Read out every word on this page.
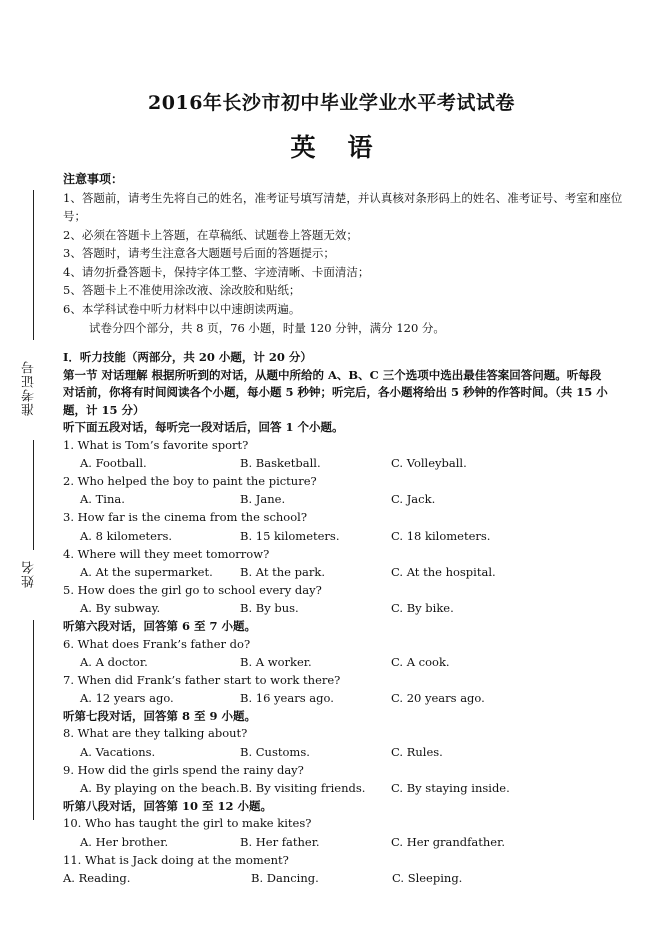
准考证号
姓名
2016年长沙市初中毕业学业水平考试试卷
英语
注意事项：
1、答题前，请考生先将自己的姓名，准考证号填写清楚，并认真核对条形码上的姓名、准考证号、考室和座位号；
2、必须在答题卡上答题，在草稿纸、试题卷上答题无效；
3、答题时，请考生注意各大题题号后面的答题提示；
4、请勿折叠答题卡，保持字体工整、字迹清晰、卡面清洁；
5、答题卡上不准使用涂改液、涂改胶和贴纸；
6、本学科试卷中听力材料中以中速朗读两遍。
试卷分四个部分，共 8 页，76 小题，时量 120 分钟，满分 120 分。
I．听力技能（两部分，共 20 小题，计 20 分）
第一节 对话理解 根据所听到的对话，从题中所给的 A、B、C 三个选项中选出最佳答案回答问题。听每段
对话前，你将有时间阅读各个小题，每小题 5 秒钟；听完后，各小题将给出 5 秒钟的作答时间。（共 15 小
题，计 15 分）
听下面五段对话，每听完一段对话后，回答 1 个小题。
1. What is Tom’s favorite sport?
A. Football.	B. Basketball.	C. Volleyball.
2. Who helped the boy to paint the picture?
A. Tina.	B. Jane.	C. Jack.
3. How far is the cinema from the school?
A. 8 kilometers.	B. 15 kilometers.	C. 18 kilometers.
4. Where will they meet tomorrow?
A. At the supermarket.	B. At the park.	C. At the hospital.
5. How does the girl go to school every day?
A. By subway.	B. By bus.	C. By bike.
听第六段对话，回答第 6 至 7 小题。
6. What does Frank’s father do?
A. A doctor.	B. A worker.	C. A cook.
7. When did Frank’s father start to work there?
A. 12 years ago.	B. 16 years ago.	C. 20 years ago.
听第七段对话，回答第 8 至 9 小题。
8. What are they talking about?
A. Vacations.	B. Customs.	C. Rules.
9. How did the girls spend the rainy day?
A. By playing on the beach. B. By visiting friends.	C. By staying inside.
听第八段对话，回答第 10 至 12 小题。
10. Who has taught the girl to make kites?
A. Her brother.	B. Her father.	C. Her grandfather.
11. What is Jack doing at the moment?
A. Reading.	B. Dancing.	C. Sleeping.
